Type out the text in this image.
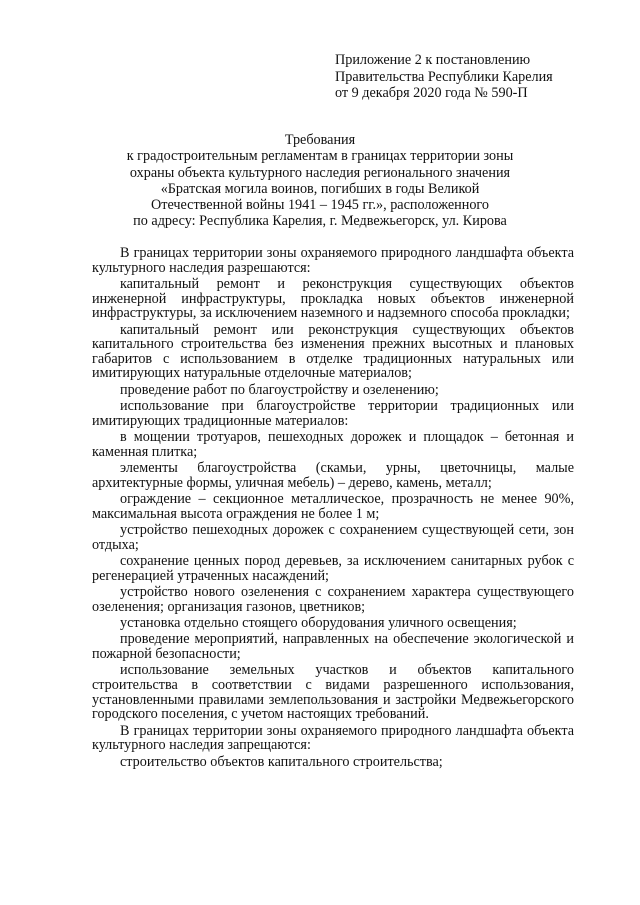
Приложение 2 к постановлению
Правительства Республики Карелия
от 9 декабря 2020 года № 590-П
Требования
к градостроительным регламентам в границах территории зоны
охраны объекта культурного наследия регионального значения
«Братская могила воинов, погибших в годы Великой
Отечественной войны 1941 – 1945 гг.», расположенного
по адресу: Республика Карелия, г. Медвежьегорск, ул. Кирова

В границах территории зоны охраняемого природного ландшафта объекта культурного наследия разрешаются:

капитальный ремонт и реконструкция существующих объектов инженерной инфраструктуры, прокладка новых объектов инженерной инфраструктуры, за исключением наземного и надземного способа прокладки;

капитальный ремонт или реконструкция существующих объектов капитального строительства без изменения прежних высотных и плановых габаритов с использованием в отделке традиционных натуральных или имитирующих натуральные отделочные материалов;

проведение работ по благоустройству и озеленению;

использование при благоустройстве территории традиционных или имитирующих традиционные материалов:

в мощении тротуаров, пешеходных дорожек и площадок – бетонная и каменная плитка;

элементы благоустройства (скамьи, урны, цветочницы, малые архитектурные формы, уличная мебель) – дерево, камень, металл;

ограждение – секционное металлическое, прозрачность не менее 90%, максимальная высота ограждения не более 1 м;

устройство пешеходных дорожек с сохранением существующей сети, зон отдыха;

сохранение ценных пород деревьев, за исключением санитарных рубок с регенерацией утраченных насаждений;

устройство нового озеленения с сохранением характера существующего озеленения; организация газонов, цветников;

установка отдельно стоящего оборудования уличного освещения;

проведение мероприятий, направленных на обеспечение экологической и пожарной безопасности;

использование земельных участков и объектов капитального строительства в соответствии с видами разрешенного использования, установленными правилами землепользования и застройки Медвежьегорского городского поселения, с учетом настоящих требований.

В границах территории зоны охраняемого природного ландшафта объекта культурного наследия запрещаются:

строительство объектов капитального строительства;
